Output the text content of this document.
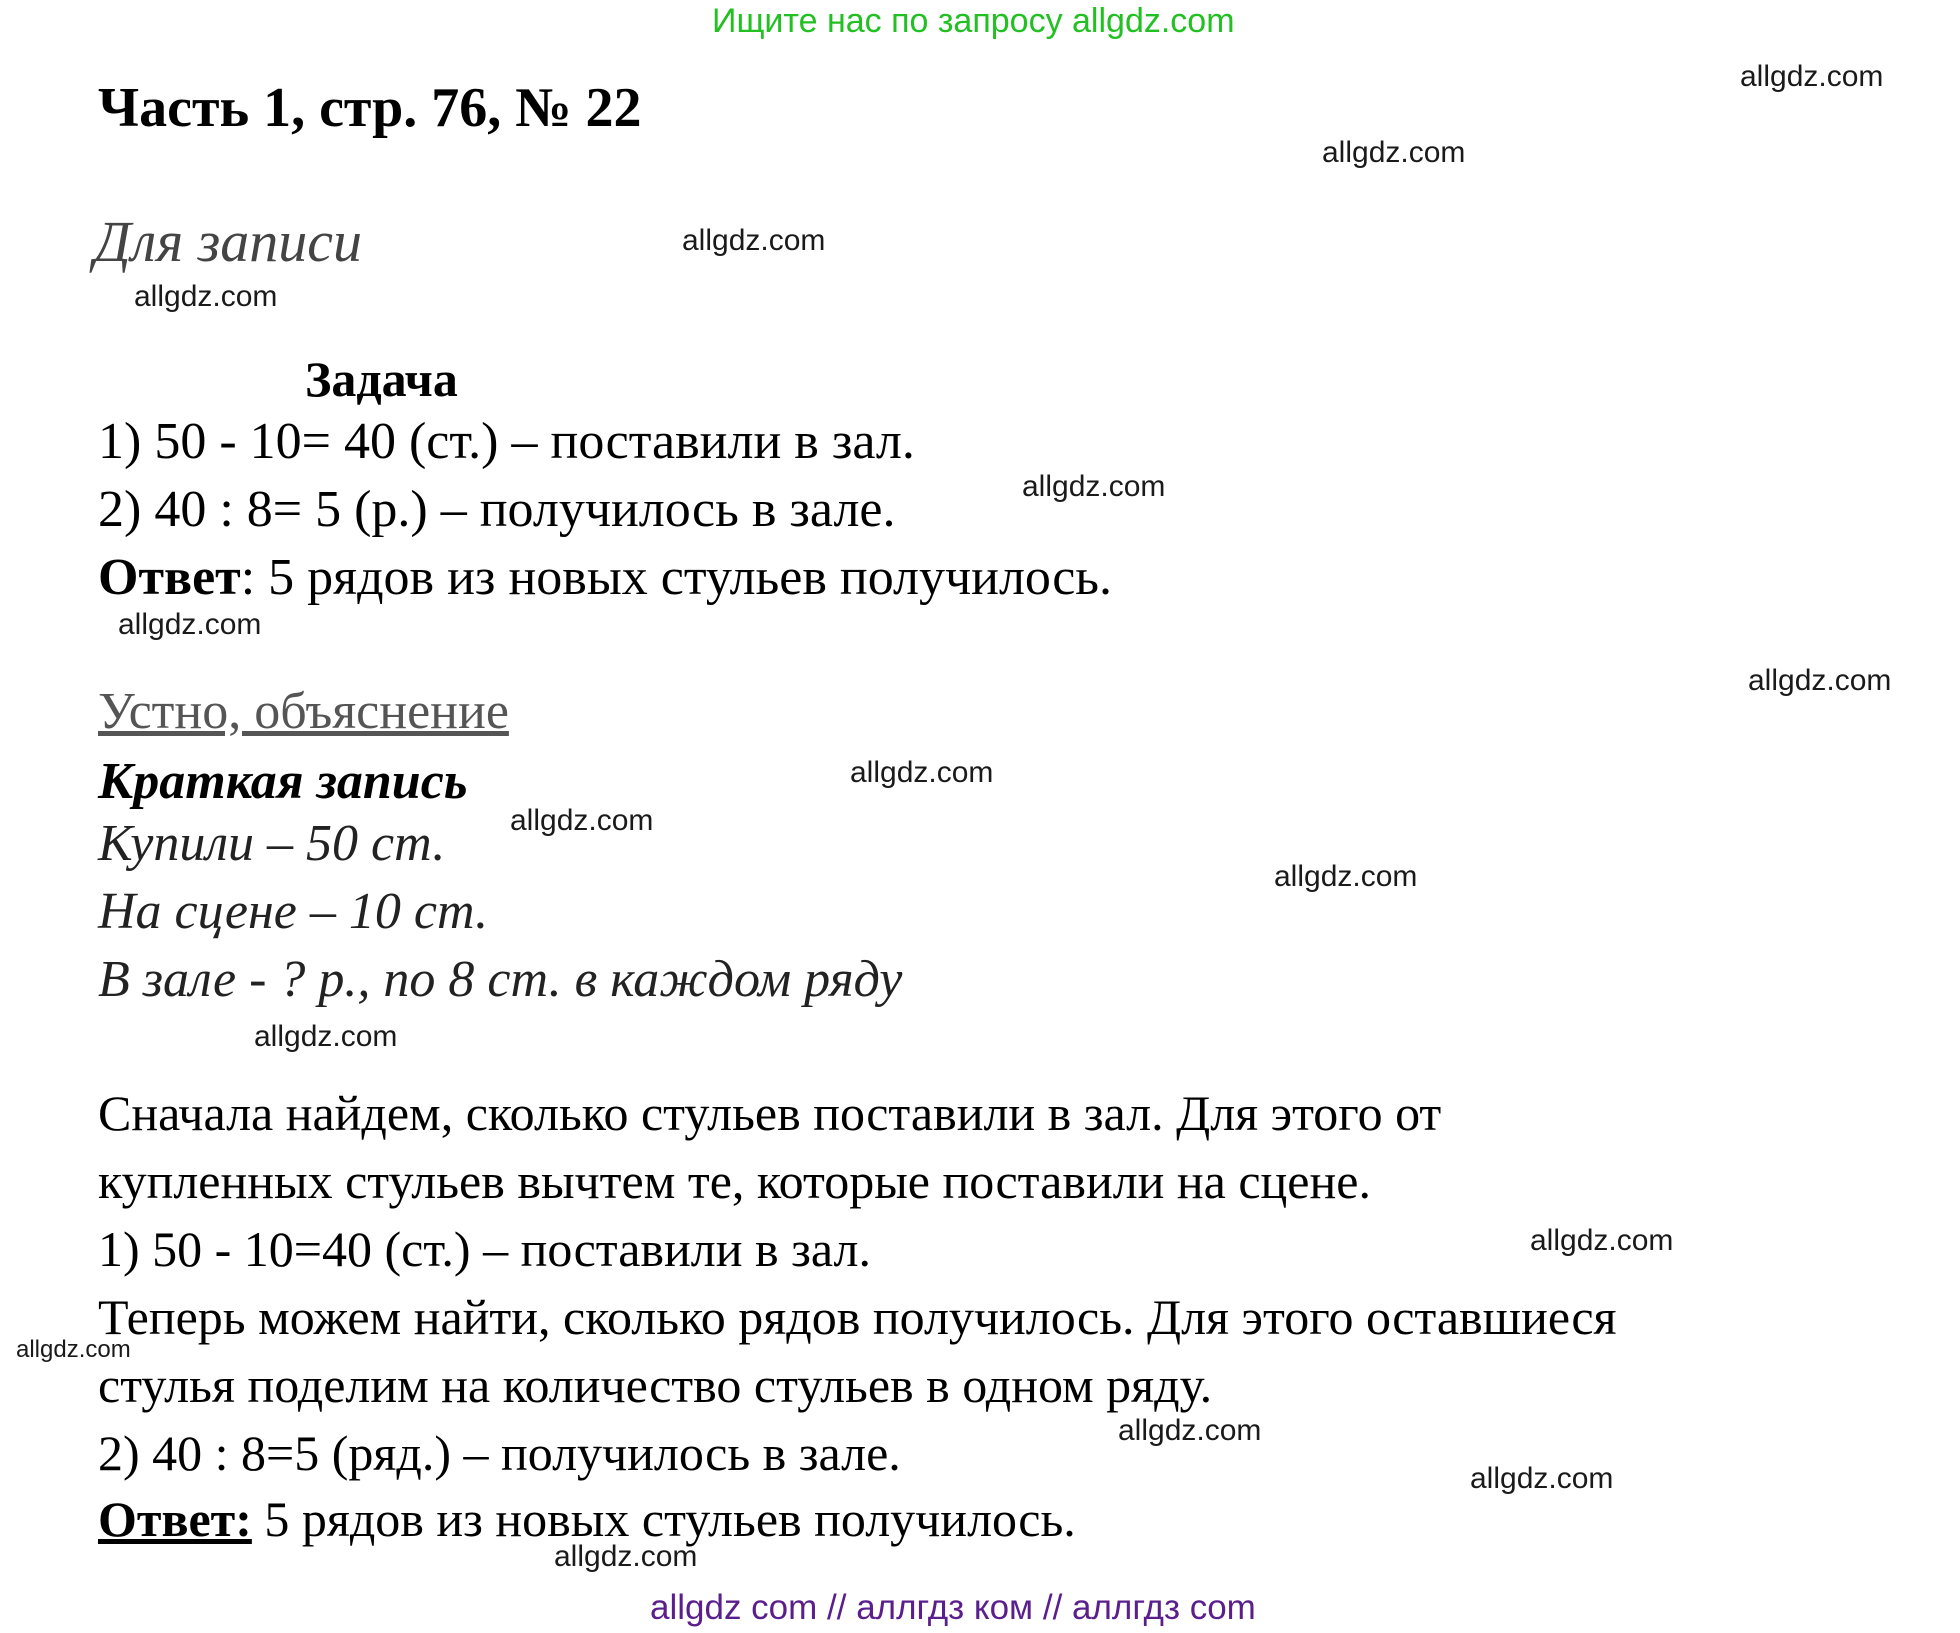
Ищите нас по запросу allgdz.com
Часть 1, стр. 76, № 22
Для записи
Задача
1) 50 - 10= 40 (ст.) – поставили в зал.
2) 40 : 8= 5 (р.) – получилось в зале.
Ответ: 5 рядов из новых стульев получилось.
Устно, объяснение
Краткая запись
Купили – 50 ст.
На сцене – 10 ст.
В зале - ? р., по 8 ст. в каждом ряду
Сначала найдем, сколько стульев поставили в зал. Для этого от
купленных стульев вычтем те, которые поставили на сцене.
1) 50 - 10=40 (ст.) – поставили в зал.
Теперь можем найти, сколько рядов получилось. Для этого оставшиеся
стулья поделим на количество стульев в одном ряду.
2) 40 : 8=5 (ряд.) – получилось в зале.
Ответ: 5 рядов из новых стульев получилось.
allgdz.com
allgdz.com
allgdz.com
allgdz.com
allgdz.com
allgdz.com
allgdz.com
allgdz.com
allgdz.com
allgdz.com
allgdz.com
allgdz.com
allgdz.com
allgdz.com
allgdz.com
allgdz.com
allgdz com // аллгдз ком // аллгдз com
